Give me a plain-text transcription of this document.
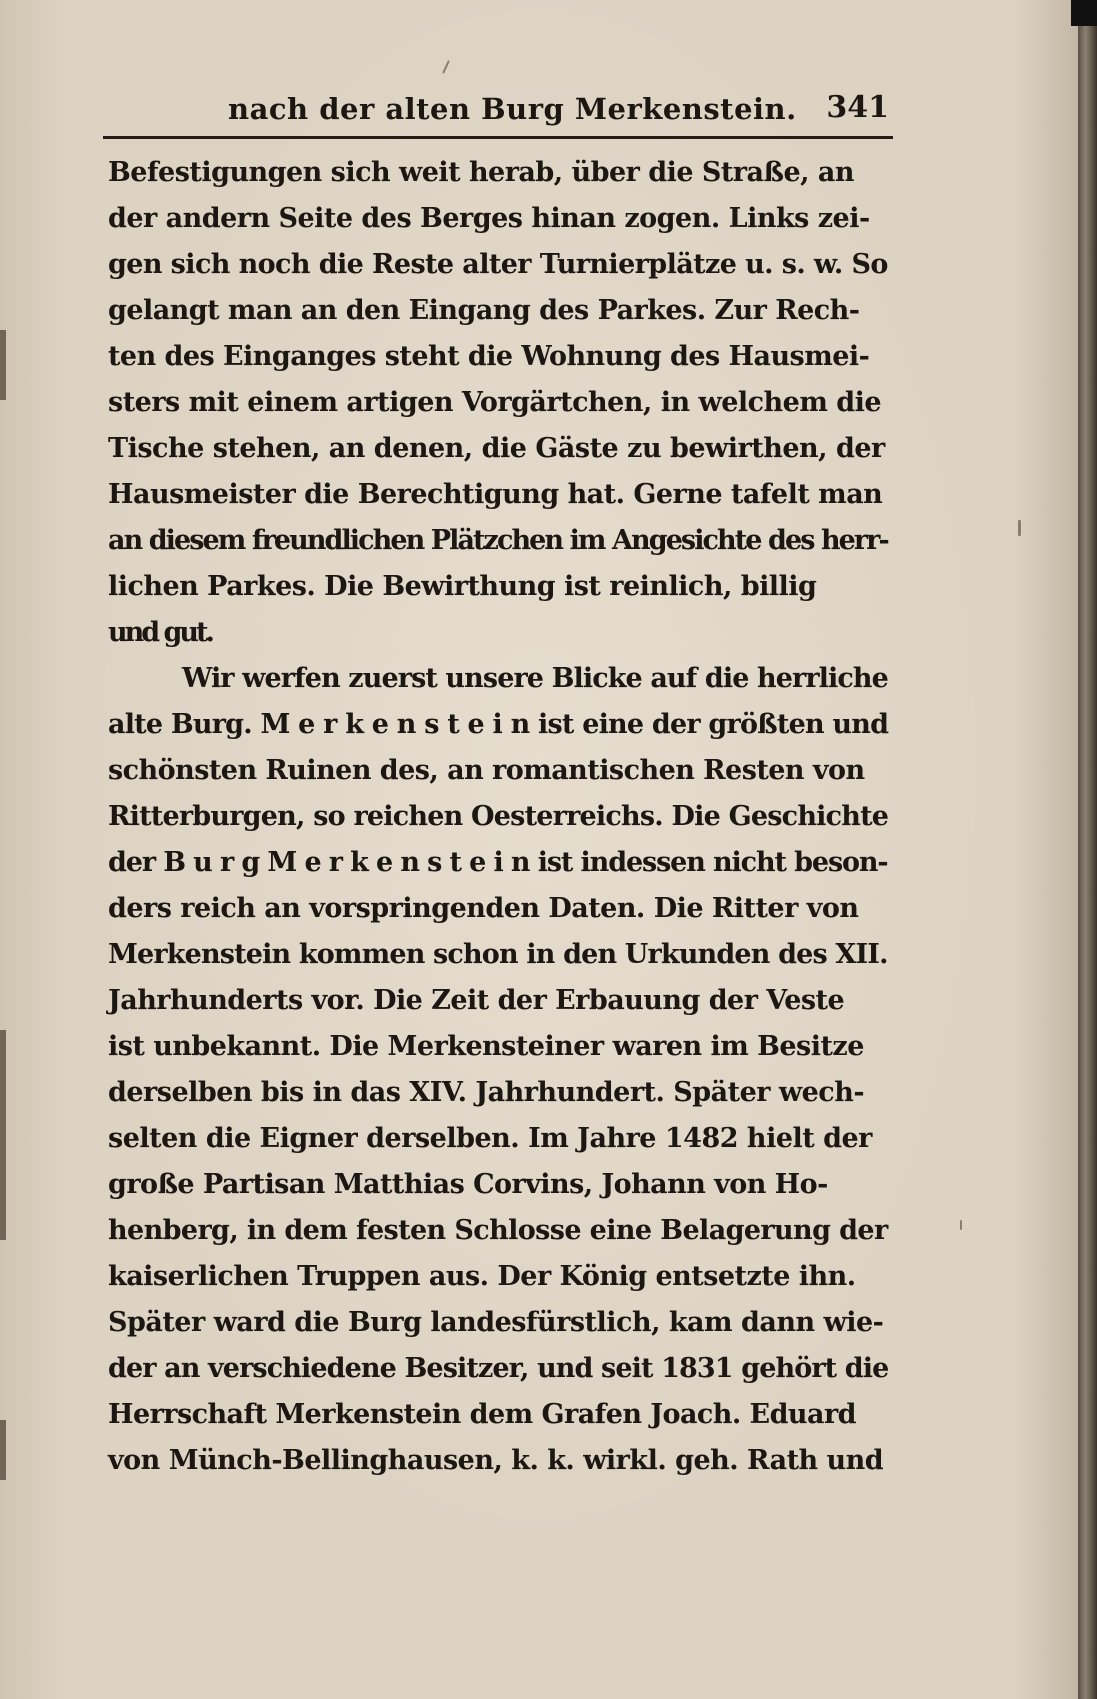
nach der alten Burg Merkenstein. 341
Befestigungen sich weit herab, über die Straße, an
der andern Seite des Berges hinan zogen. Links zei-
gen sich noch die Reste alter Turnierplätze u. s. w. So
gelangt man an den Eingang des Parkes. Zur Rech-
ten des Einganges steht die Wohnung des Hausmei-
sters mit einem artigen Vorgärtchen, in welchem die
Tische stehen, an denen, die Gäste zu bewirthen, der
Hausmeister die Berechtigung hat. Gerne tafelt man
an diesem freundlichen Plätzchen im Angesichte des herr-
lichen Parkes. Die Bewirthung ist reinlich, billig
und gut.
Wir werfen zuerst unsere Blicke auf die herrliche
alte Burg. M e r k e n s t e i n ist eine der größten und
schönsten Ruinen des, an romantischen Resten von
Ritterburgen, so reichen Oesterreichs. Die Geschichte
der B u r g M e r k e n s t e i n ist indessen nicht beson-
ders reich an vorspringenden Daten. Die Ritter von
Merkenstein kommen schon in den Urkunden des XII.
Jahrhunderts vor. Die Zeit der Erbauung der Veste
ist unbekannt. Die Merkensteiner waren im Besitze
derselben bis in das XIV. Jahrhundert. Später wech-
selten die Eigner derselben. Im Jahre 1482 hielt der
große Partisan Matthias Corvins, Johann von Ho-
henberg, in dem festen Schlosse eine Belagerung der
kaiserlichen Truppen aus. Der König entsetzte ihn.
Später ward die Burg landesfürstlich, kam dann wie-
der an verschiedene Besitzer, und seit 1831 gehört die
Herrschaft Merkenstein dem Grafen Joach. Eduard
von Münch-Bellinghausen, k. k. wirkl. geh. Rath und
